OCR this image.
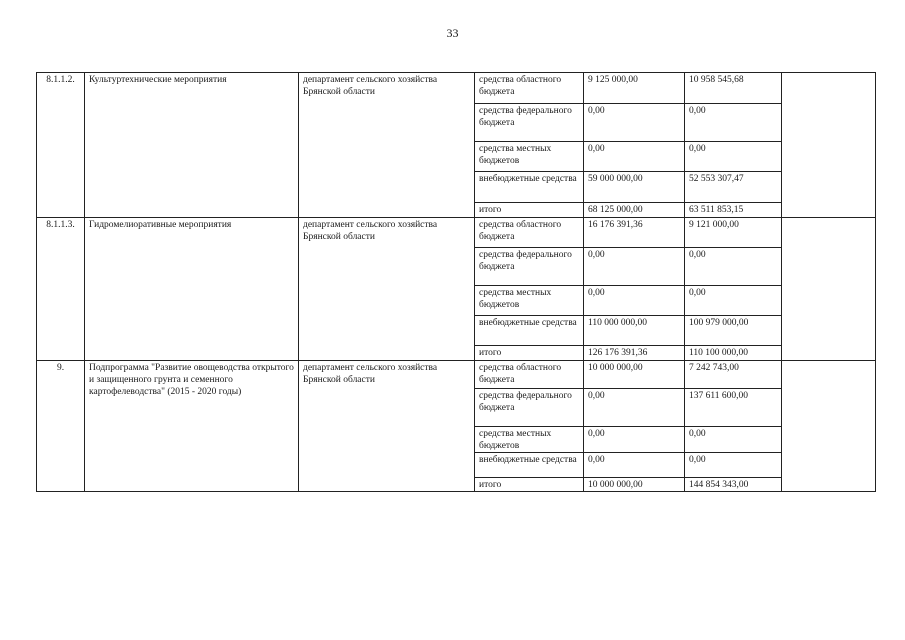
33
8.1.1.2.	Культуртехнические мероприятия	департамент сельского хозяйства Брянской области	средства областного бюджета	9 125 000,00	10 958 545,68	
			средства федерального бюджета	0,00	0,00	
			средства местных бюджетов	0,00	0,00	
			внебюджетные средства	59 000 000,00	52 553 307,47	
			итого	68 125 000,00	63 511 853,15	
8.1.1.3.	Гидромелиоративные мероприятия	департамент сельского хозяйства Брянской области	средства областного бюджета	16 176 391,36	9 121 000,00	
			средства федерального бюджета	0,00	0,00	
			средства местных бюджетов	0,00	0,00	
			внебюджетные средства	110 000 000,00	100 979 000,00	
			итого	126 176 391,36	110 100 000,00	
9.	Подпрограмма "Развитие овощеводства открытого и защищенного грунта и семенного картофелеводства" (2015 - 2020 годы)	департамент сельского хозяйства Брянской области	средства областного бюджета	10 000 000,00	7 242 743,00	
			средства федерального бюджета	0,00	137 611 600,00	
			средства местных бюджетов	0,00	0,00	
			внебюджетные средства	0,00	0,00	
			итого	10 000 000,00	144 854 343,00	
